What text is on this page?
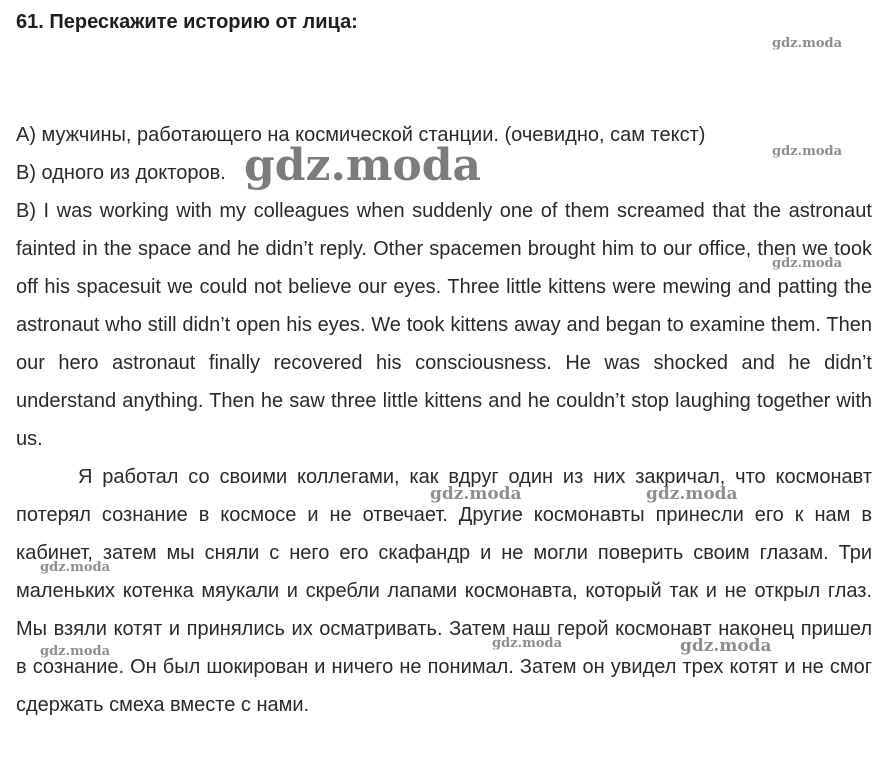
61. Перескажите историю от лица:
А) мужчины, работающего на космической станции. (очевидно, сам текст)
В) одного из докторов.
В) I was working with my colleagues when suddenly one of them screamed that the astronaut fainted in the space and he didn’t reply. Other spacemen brought him to our office, then we took off his spacesuit we could not believe our eyes. Three little kittens were mewing and patting the astronaut who still didn’t open his eyes. We took kittens away and began to examine them. Then our hero astronaut finally recovered his consciousness. He was shocked and he didn’t understand anything. Then he saw three little kittens and he couldn’t stop laughing together with us.
Я работал со своими коллегами, как вдруг один из них закричал, что космонавт потерял сознание в космосе и не отвечает. Другие космонавты принесли его к нам в кабинет, затем мы сняли с него его скафандр и не могли поверить своим глазам. Три маленьких котенка мяукали и скребли лапами космонавта, который так и не открыл глаз. Мы взяли котят и принялись их осматривать. Затем наш герой космонавт наконец пришел в сознание. Он был шокирован и ничего не понимал. Затем он увидел трех котят и не смог сдержать смеха вместе с нами.
gdz.moda
gdz.moda
gdz.moda
gdz.moda
gdz.moda	gdz.moda
gdz.moda
gdz.moda	gdz.moda
gdz.moda
